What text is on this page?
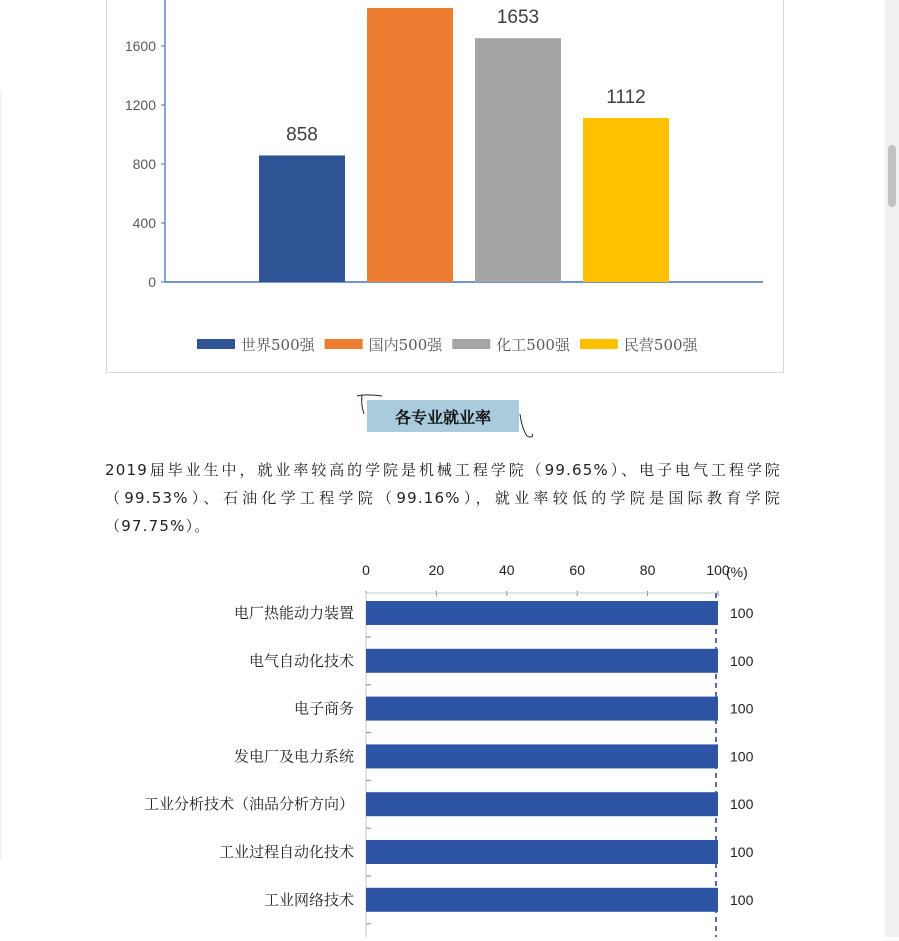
0
400
800
1200
1600
858
1653
1112
世界500强	国内500强	化工500强	民营500强
各专业就业率
2019届毕业生中，就业率较高的学院是机械工程学院（99.65%）、电子电气工程学院（99.53%）、石油化学工程学院（99.16%），就业率较低的学院是国际教育学院（97.75%）。
0	20	40	60	80	100
(%)
电厂热能动力装置	100
电气自动化技术	100
电子商务	100
发电厂及电力系统	100
工业分析技术（油品分析方向）	100
工业过程自动化技术	100
工业网络技术	100
